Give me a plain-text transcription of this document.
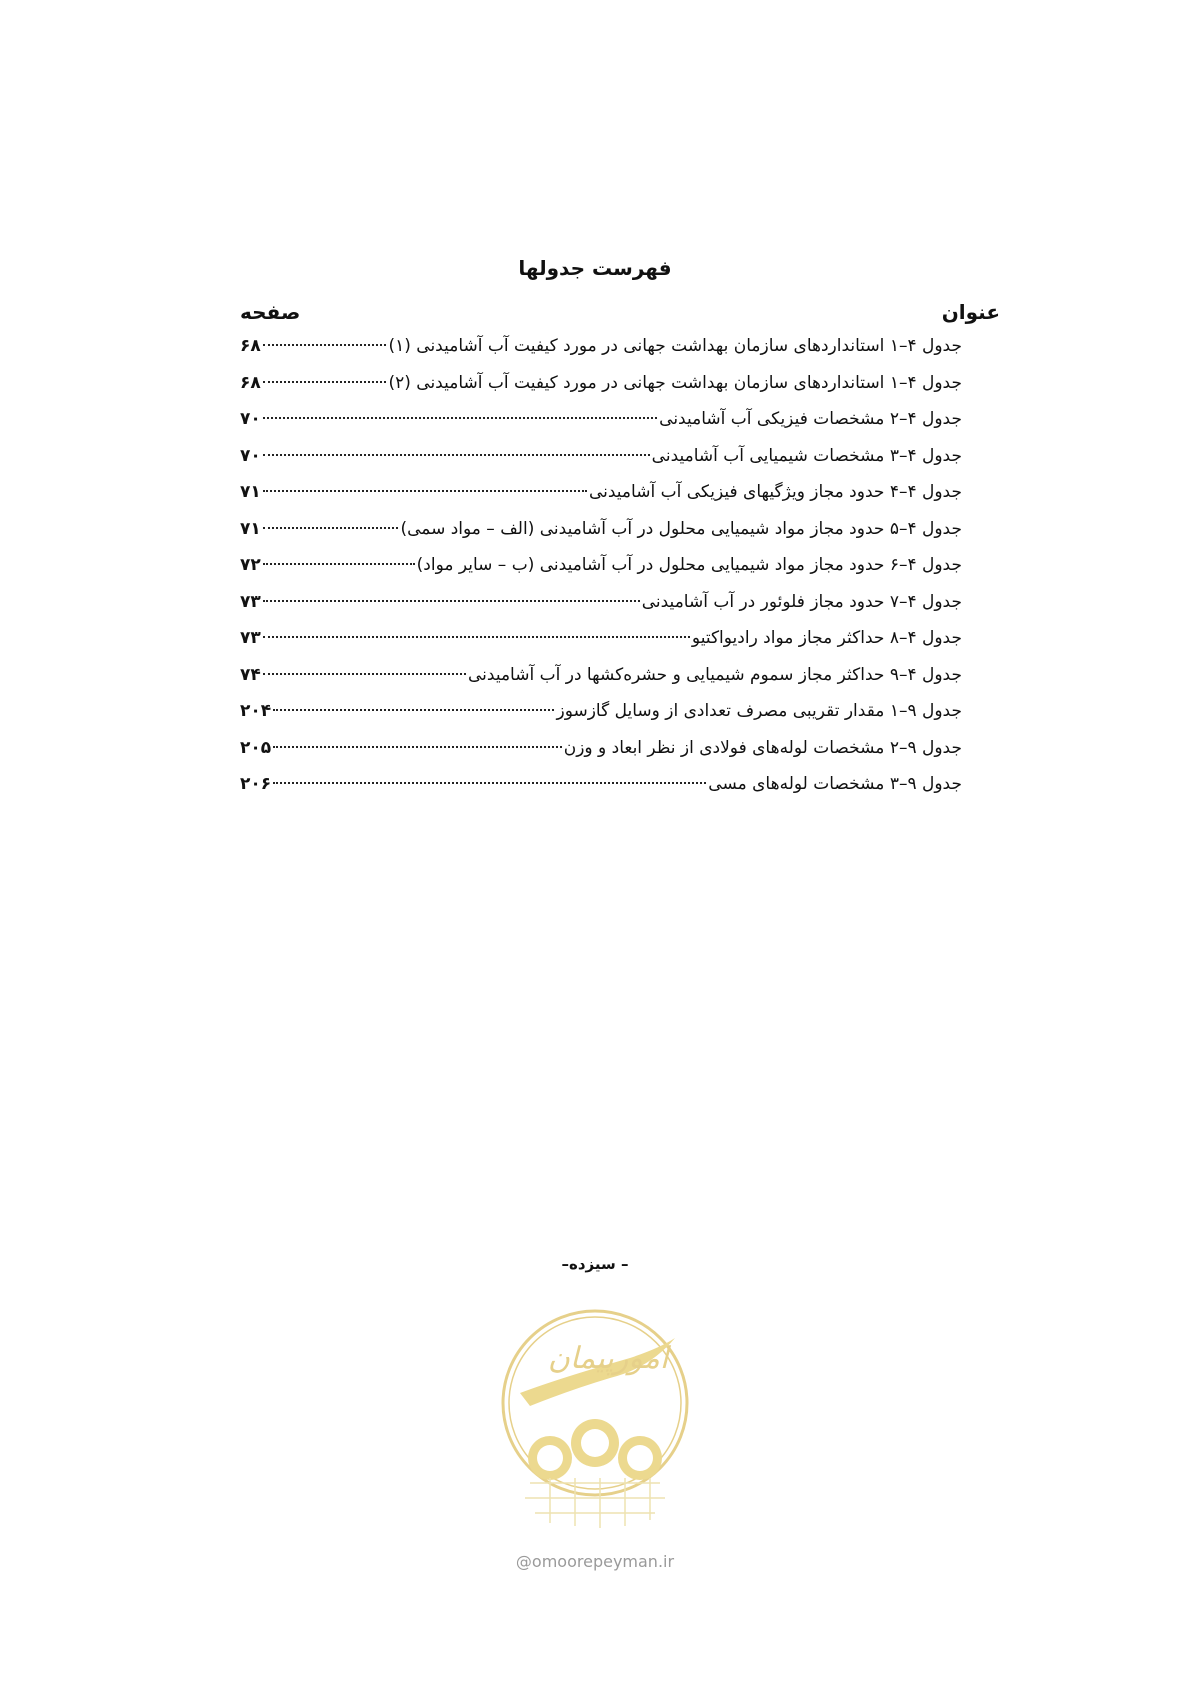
فهرست جدولها
عنوان
صفحه
جدول ۴–۱ استانداردهای سازمان بهداشت جهانی در مورد کیفیت آب آشامیدنی (۱)
۶۸
جدول ۴–۱ استانداردهای سازمان بهداشت جهانی در مورد کیفیت آب آشامیدنی (۲)
۶۸
جدول ۴–۲ مشخصات فیزیکی آب آشامیدنی
۷۰
جدول ۴–۳ مشخصات شیمیایی آب آشامیدنی
۷۰
جدول ۴–۴ حدود مجاز ویژگیهای فیزیکی آب آشامیدنی
۷۱
جدول ۴–۵ حدود مجاز مواد شیمیایی محلول در آب آشامیدنی (الف – مواد سمی)
۷۱
جدول ۴–۶ حدود مجاز مواد شیمیایی محلول در آب آشامیدنی (ب – سایر مواد)
۷۲
جدول ۴–۷ حدود مجاز فلوئور در آب آشامیدنی
۷۳
جدول ۴–۸ حداکثر مجاز مواد رادیواکتیو
۷۳
جدول ۴–۹ حداکثر مجاز سموم شیمیایی و حشره‌کشها در آب آشامیدنی
۷۴
جدول ۹–۱ مقدار تقریبی مصرف تعدادی از وسایل گازسوز
۲۰۴
جدول ۹–۲ مشخصات لوله‌های فولادی از نظر ابعاد و وزن
۲۰۵
جدول ۹–۳ مشخصات لوله‌های مسی
۲۰۶
– سیزده–
امورپیمان
@omoorepeyman.ir
